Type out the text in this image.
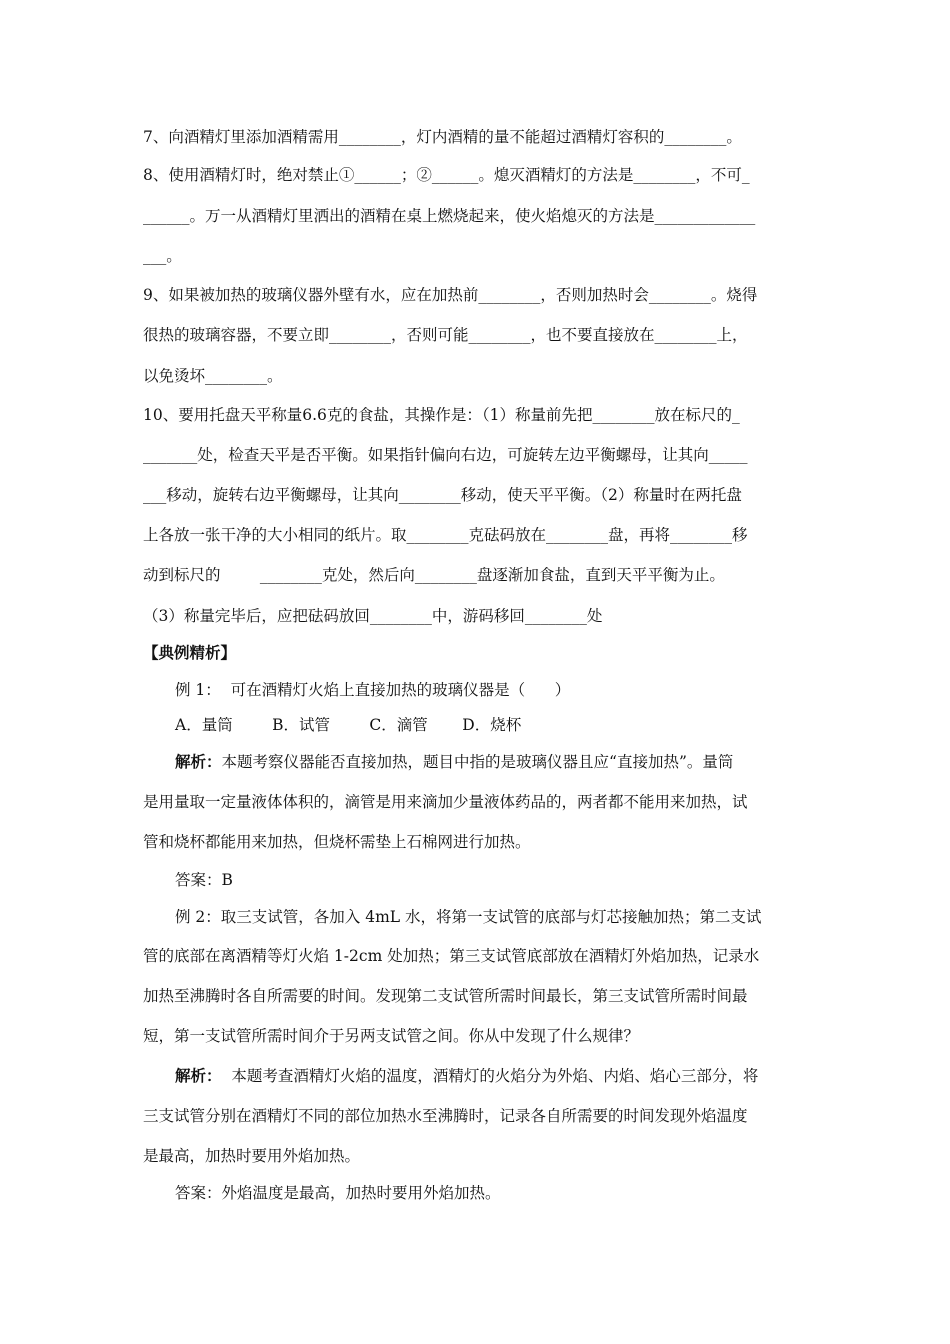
7、向酒精灯里添加酒精需用________，灯内酒精的量不能超过酒精灯容积的________。
8、使用酒精灯时，绝对禁止①______；②______。熄灭酒精灯的方法是________，不可_
______。万一从酒精灯里洒出的酒精在桌上燃烧起来，使火焰熄灭的方法是_____________
___。
9、如果被加热的玻璃仪器外壁有水，应在加热前________，否则加热时会________。烧得
很热的玻璃容器，不要立即________，否则可能________，也不要直接放在________上，
以免烫坏________。
10、要用托盘天平称量6.6克的食盐，其操作是：（1）称量前先把________放在标尺的_
_______处，检查天平是否平衡。如果指针偏向右边，可旋转左边平衡螺母，让其向_____
___移动，旋转右边平衡螺母，让其向________移动，使天平平衡。（2）称量时在两托盘
上各放一张干净的大小相同的纸片。取________克砝码放在________盘，再将________移
动到标尺的        ________克处，然后向________盘逐渐加食盐，直到天平平衡为止。
（3）称量完毕后，应把砝码放回________中，游码移回________处
【典例精析】
例 1：  可在酒精灯火焰上直接加热的玻璃仪器是（      ）
A．量筒        B．试管        C．滴管       D．烧杯
解析：本题考察仪器能否直接加热，题目中指的是玻璃仪器且应“直接加热”。量筒
是用量取一定量液体体积的，滴管是用来滴加少量液体药品的，两者都不能用来加热，试
管和烧杯都能用来加热，但烧杯需垫上石棉网进行加热。
答案：B
例 2：取三支试管，各加入 4mL 水，将第一支试管的底部与灯芯接触加热；第二支试
管的底部在离酒精等灯火焰 1-2cm 处加热；第三支试管底部放在酒精灯外焰加热，记录水
加热至沸腾时各自所需要的时间。发现第二支试管所需时间最长，第三支试管所需时间最
短，第一支试管所需时间介于另两支试管之间。你从中发现了什么规律？
解析：  本题考查酒精灯火焰的温度，酒精灯的火焰分为外焰、内焰、焰心三部分，将
三支试管分别在酒精灯不同的部位加热水至沸腾时，记录各自所需要的时间发现外焰温度
是最高，加热时要用外焰加热。
答案：外焰温度是最高，加热时要用外焰加热。
